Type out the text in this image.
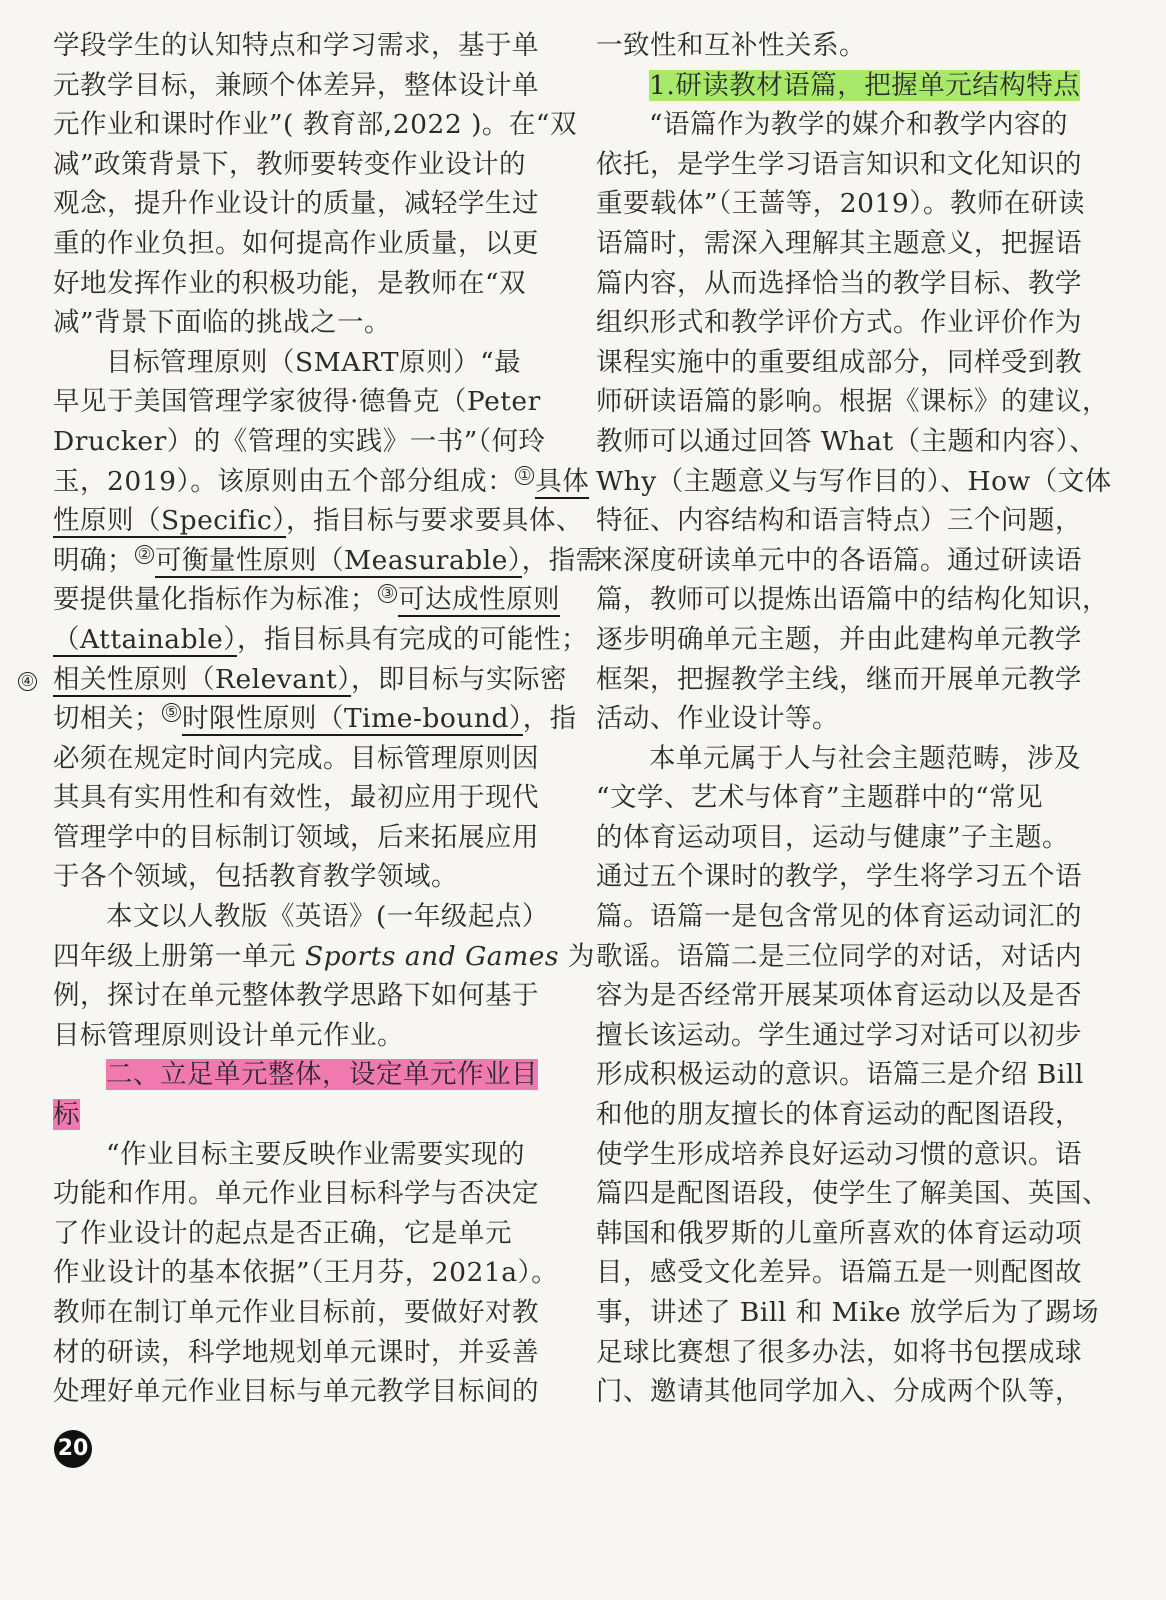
学段学生的认知特点和学习需求，基于单
元教学目标，兼顾个体差异，整体设计单
元作业和课时作业”( 教育部,2022 )。在“双
减”政策背景下，教师要转变作业设计的
观念，提升作业设计的质量，减轻学生过
重的作业负担。如何提高作业质量，以更
好地发挥作业的积极功能，是教师在“双
减”背景下面临的挑战之一。
目标管理原则（SMART原则）“最
早见于美国管理学家彼得·德鲁克（Peter
Drucker）的《管理的实践》一书”（何玲
玉，2019）。该原则由五个部分组成： ① 具体
性原则（Specific），指目标与要求要具体、
明确； ② 可衡量性原则（Measurable），指需
要提供量化指标作为标准； ③ 可达成性原则
（Attainable），指目标具有完成的可能性；
④ 相关性原则（Relevant），即目标与实际密
切相关； ⑤ 时限性原则（Time-bound），指
必须在规定时间内完成。目标管理原则因
其具有实用性和有效性，最初应用于现代
管理学中的目标制订领域，后来拓展应用
于各个领域，包括教育教学领域。
本文以人教版《英语》(一年级起点）
四年级上册第一单元 Sports and Games 为
例，探讨在单元整体教学思路下如何基于
目标管理原则设计单元作业。
二、立足单元整体，设定单元作业目
标
“作业目标主要反映作业需要实现的
功能和作用。单元作业目标科学与否决定
了作业设计的起点是否正确，它是单元
作业设计的基本依据”（王月芬，2021a）。
教师在制订单元作业目标前，要做好对教
材的研读，科学地规划单元课时，并妥善
处理好单元作业目标与单元教学目标间的
一致性和互补性关系。
1.研读教材语篇，把握单元结构特点
“语篇作为教学的媒介和教学内容的
依托，是学生学习语言知识和文化知识的
重要载体”（王蔷等，2019）。教师在研读
语篇时，需深入理解其主题意义，把握语
篇内容，从而选择恰当的教学目标、教学
组织形式和教学评价方式。作业评价作为
课程实施中的重要组成部分，同样受到教
师研读语篇的影响。根据《课标》的建议，
教师可以通过回答 What（主题和内容）、
Why（主题意义与写作目的）、How（文体
特征、内容结构和语言特点）三个问题，
来深度研读单元中的各语篇。通过研读语
篇，教师可以提炼出语篇中的结构化知识，
逐步明确单元主题，并由此建构单元教学
框架，把握教学主线，继而开展单元教学
活动、作业设计等。
本单元属于人与社会主题范畴，涉及
“文学、艺术与体育”主题群中的“常见
的体育运动项目，运动与健康”子主题。
通过五个课时的教学，学生将学习五个语
篇。语篇一是包含常见的体育运动词汇的
歌谣。语篇二是三位同学的对话，对话内
容为是否经常开展某项体育运动以及是否
擅长该运动。学生通过学习对话可以初步
形成积极运动的意识。语篇三是介绍 Bill
和他的朋友擅长的体育运动的配图语段，
使学生形成培养良好运动习惯的意识。语
篇四是配图语段，使学生了解美国、英国、
韩国和俄罗斯的儿童所喜欢的体育运动项
目，感受文化差异。语篇五是一则配图故
事，讲述了 Bill 和 Mike 放学后为了踢场
足球比赛想了很多办法，如将书包摆成球
门、邀请其他同学加入、分成两个队等，
20
